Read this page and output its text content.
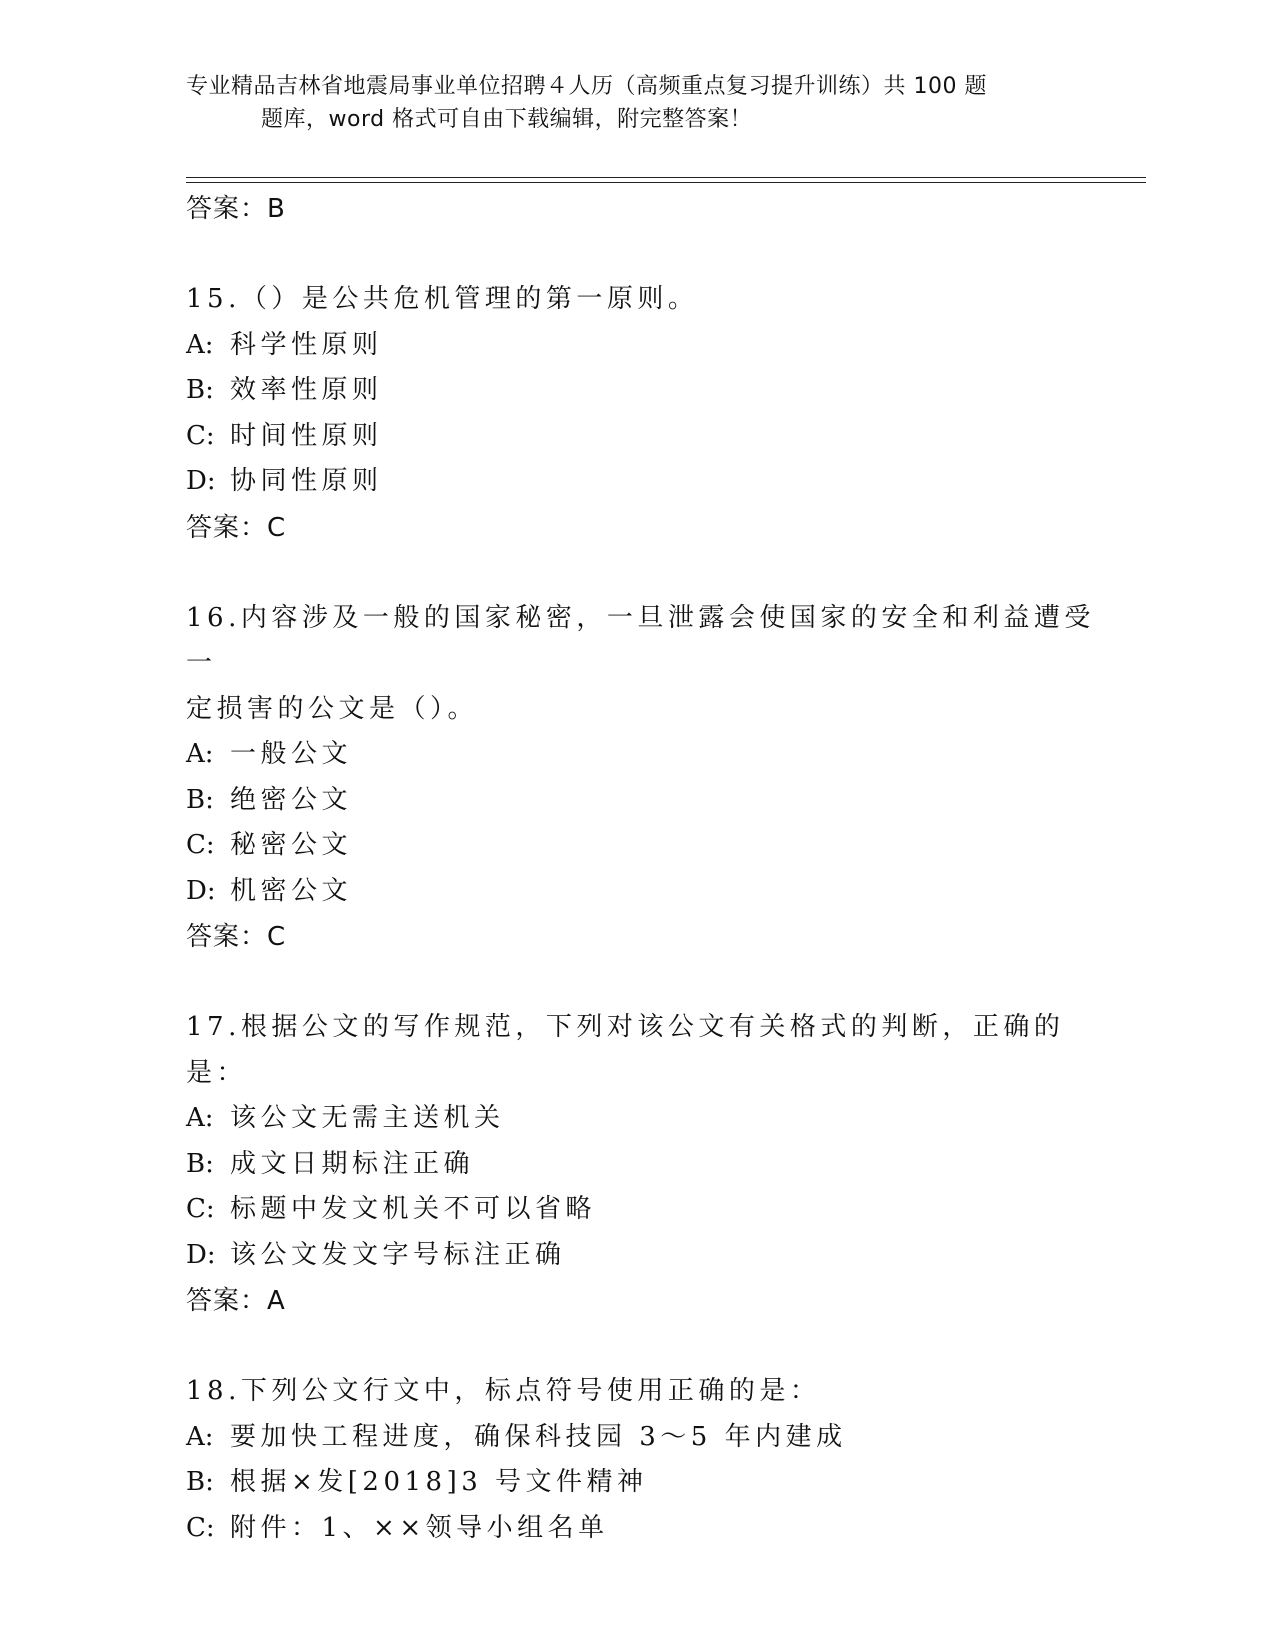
专业精品吉林省地震局事业单位招聘４人历（高频重点复习提升训练）共 100 题
题库，word 格式可自由下载编辑，附完整答案！
答案：B
15.（）是公共危机管理的第一原则。
A: 科学性原则
B: 效率性原则
C: 时间性原则
D: 协同性原则
答案：C
16.内容涉及一般的国家秘密，一旦泄露会使国家的安全和利益遭受一
定损害的公文是（）。
A: 一般公文
B: 绝密公文
C: 秘密公文
D: 机密公文
答案：C
17.根据公文的写作规范，下列对该公文有关格式的判断，正确的是：
A: 该公文无需主送机关
B: 成文日期标注正确
C: 标题中发文机关不可以省略
D: 该公文发文字号标注正确
答案：A
18.下列公文行文中，标点符号使用正确的是：
A: 要加快工程进度，确保科技园 3～5 年内建成
B: 根据×发[2018]3 号文件精神
C: 附件：1、××领导小组名单
